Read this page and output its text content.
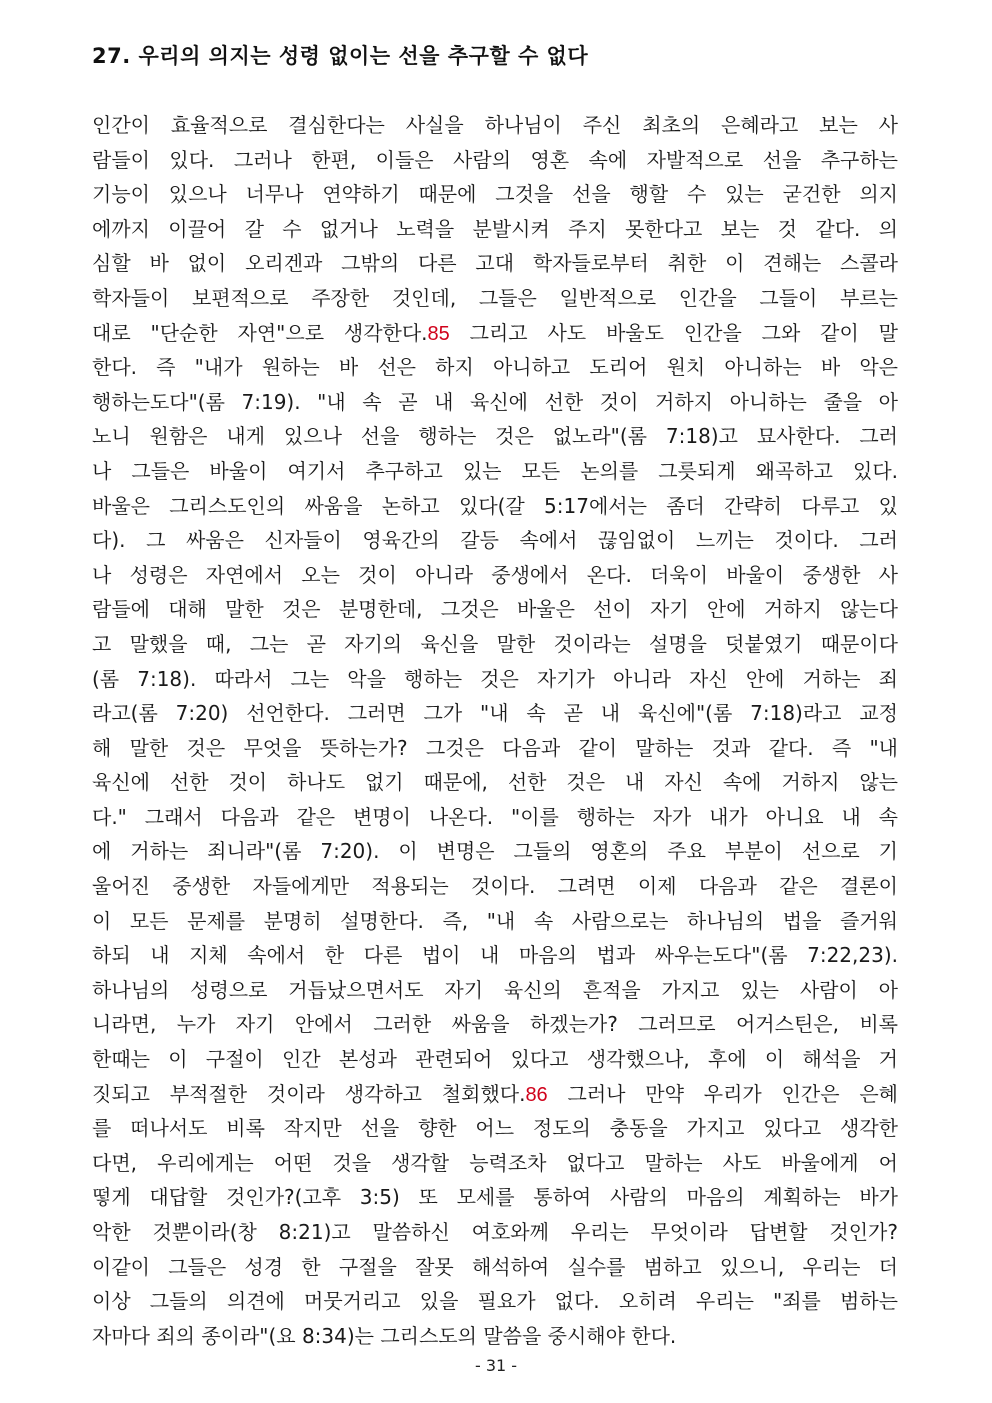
27. 우리의 의지는 성령 없이는 선을 추구할 수 없다
인간이 효율적으로 결심한다는 사실을 하나님이 주신 최초의 은혜라고 보는 사
람들이 있다. 그러나 한편, 이들은 사람의 영혼 속에 자발적으로 선을 추구하는
기능이 있으나 너무나 연약하기 때문에 그것을 선을 행할 수 있는 굳건한 의지
에까지 이끌어 갈 수 없거나 노력을 분발시켜 주지 못한다고 보는 것 같다. 의
심할 바 없이 오리겐과 그밖의 다른 고대 학자들로부터 취한 이 견해는 스콜라
학자들이 보편적으로 주장한 것인데, 그들은 일반적으로 인간을 그들이 부르는
대로 "단순한 자연"으로 생각한다.85 그리고 사도 바울도 인간을 그와 같이 말
한다. 즉 "내가 원하는 바 선은 하지 아니하고 도리어 원치 아니하는 바 악은
행하는도다"(롬 7:19). "내 속 곧 내 육신에 선한 것이 거하지 아니하는 줄을 아
노니 원함은 내게 있으나 선을 행하는 것은 없노라"(롬 7:18)고 묘사한다. 그러
나 그들은 바울이 여기서 추구하고 있는 모든 논의를 그릇되게 왜곡하고 있다.
바울은 그리스도인의 싸움을 논하고 있다(갈 5:17에서는 좀더 간략히 다루고 있
다). 그 싸움은 신자들이 영육간의 갈등 속에서 끊임없이 느끼는 것이다. 그러
나 성령은 자연에서 오는 것이 아니라 중생에서 온다. 더욱이 바울이 중생한 사
람들에 대해 말한 것은 분명한데, 그것은 바울은 선이 자기 안에 거하지 않는다
고 말했을 때, 그는 곧 자기의 육신을 말한 것이라는 설명을 덧붙였기 때문이다
(롬 7:18). 따라서 그는 악을 행하는 것은 자기가 아니라 자신 안에 거하는 죄
라고(롬 7:20) 선언한다. 그러면 그가 "내 속 곧 내 육신에"(롬 7:18)라고 교정
해 말한 것은 무엇을 뜻하는가? 그것은 다음과 같이 말하는 것과 같다. 즉 "내
육신에 선한 것이 하나도 없기 때문에, 선한 것은 내 자신 속에 거하지 않는
다." 그래서 다음과 같은 변명이 나온다. "이를 행하는 자가 내가 아니요 내 속
에 거하는 죄니라"(롬 7:20). 이 변명은 그들의 영혼의 주요 부분이 선으로 기
울어진 중생한 자들에게만 적용되는 것이다. 그려면 이제 다음과 같은 결론이
이 모든 문제를 분명히 설명한다. 즉, "내 속 사람으로는 하나님의 법을 즐거워
하되 내 지체 속에서 한 다른 법이 내 마음의 법과 싸우는도다"(롬 7:22,23).
하나님의 성령으로 거듭났으면서도 자기 육신의 흔적을 가지고 있는 사람이 아
니라면, 누가 자기 안에서 그러한 싸움을 하겠는가? 그러므로 어거스틴은, 비록
한때는 이 구절이 인간 본성과 관련되어 있다고 생각했으나, 후에 이 해석을 거
짓되고 부적절한 것이라 생각하고 철회했다.86 그러나 만약 우리가 인간은 은혜
를 떠나서도 비록 작지만 선을 향한 어느 정도의 충동을 가지고 있다고 생각한
다면, 우리에게는 어떤 것을 생각할 능력조차 없다고 말하는 사도 바울에게 어
떻게 대답할 것인가?(고후 3:5) 또 모세를 통하여 사람의 마음의 계획하는 바가
악한 것뿐이라(창 8:21)고 말씀하신 여호와께 우리는 무엇이라 답변할 것인가?
이같이 그들은 성경 한 구절을 잘못 해석하여 실수를 범하고 있으니, 우리는 더
이상 그들의 의견에 머뭇거리고 있을 필요가 없다. 오히려 우리는 "죄를 범하는
자마다 죄의 종이라"(요 8:34)는 그리스도의 말씀을 중시해야 한다.
- 31 -
